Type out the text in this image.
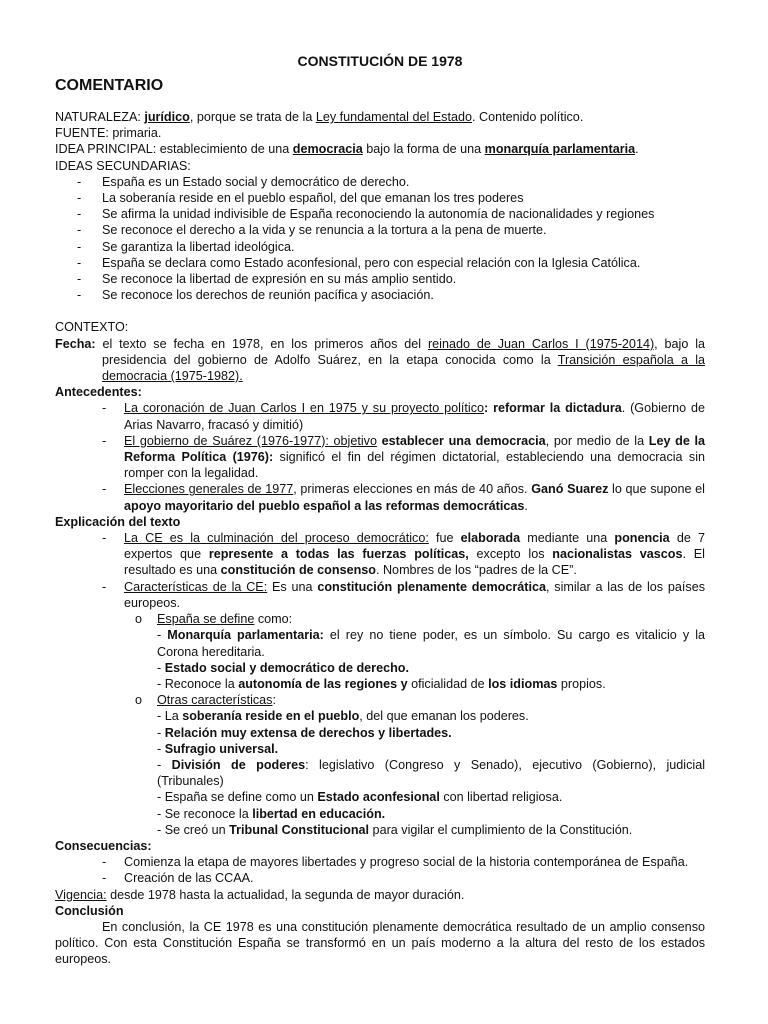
CONSTITUCIÓN DE 1978
COMENTARIO

NATURALEZA: jurídico, porque se trata de la Ley fundamental del Estado. Contenido político.

FUENTE: primaria.

IDEA PRINCIPAL: establecimiento de una democracia bajo la forma de una monarquía parlamentaria.

IDEAS SECUNDARIAS:

- España es un Estado social y democrático de derecho.

- La soberanía reside en el pueblo español, del que emanan los tres poderes

- Se afirma la unidad indivisible de España reconociendo la autonomía de nacionalidades y regiones

- Se reconoce el derecho a la vida y se renuncia a la tortura a la pena de muerte.

- Se garantiza la libertad ideológica.

- España se declara como Estado aconfesional, pero con especial relación con la Iglesia Católica.

- Se reconoce la libertad de expresión en su más amplio sentido.

- Se reconoce los derechos de reunión pacífica y asociación.

CONTEXTO:

Fecha: el texto se fecha en 1978, en los primeros años del reinado de Juan Carlos I (1975-2014), bajo la presidencia del gobierno de Adolfo Suárez, en la etapa conocida como la Transición española a la democracia (1975-1982).

Antecedentes:

- La coronación de Juan Carlos I en 1975 y su proyecto político: reformar la dictadura. (Gobierno de Arias Navarro, fracasó y dimitió)

- El gobierno de Suárez (1976-1977): objetivo establecer una democracia, por medio de la Ley de la Reforma Política (1976): significó el fin del régimen dictatorial, estableciendo una democracia sin romper con la legalidad.

- Elecciones generales de 1977, primeras elecciones en más de 40 años. Ganó Suarez lo que supone el apoyo mayoritario del pueblo español a las reformas democráticas.

Explicación del texto

- La CE es la culminación del proceso democrático: fue elaborada mediante una ponencia de 7 expertos que represente a todas las fuerzas políticas, excepto los nacionalistas vascos. El resultado es una constitución de consenso. Nombres de los “padres de la CE”.

- Características de la CE: Es una constitución plenamente democrática, similar a las de los países europeos.

o España se define como:

- Monarquía parlamentaria: el rey no tiene poder, es un símbolo. Su cargo es vitalicio y la Corona hereditaria.

- Estado social y democrático de derecho.

- Reconoce la autonomía de las regiones y oficialidad de los idiomas propios.

o Otras características:

- La soberanía reside en el pueblo, del que emanan los poderes.

- Relación muy extensa de derechos y libertades.

- Sufragio universal.

- División de poderes: legislativo (Congreso y Senado), ejecutivo (Gobierno), judicial (Tribunales)

- España se define como un Estado aconfesional con libertad religiosa.

- Se reconoce la libertad en educación.

- Se creó un Tribunal Constitucional para vigilar el cumplimiento de la Constitución.

Consecuencias:

- Comienza la etapa de mayores libertades y progreso social de la historia contemporánea de España.

- Creación de las CCAA.

Vigencia: desde 1978 hasta la actualidad, la segunda de mayor duración.

Conclusión

En conclusión, la CE 1978 es una constitución plenamente democrática resultado de un amplio consenso político. Con esta Constitución España se transformó en un país moderno a la altura del resto de los estados europeos.
